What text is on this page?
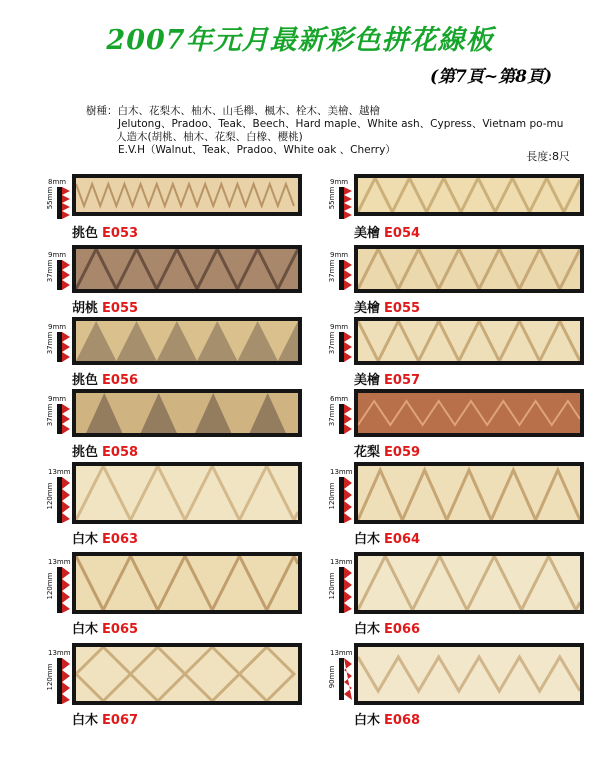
2007年元月最新彩色拼花線板
(第7頁~第8頁)
樹種：白木、花梨木、柚木、山毛櫸、楓木、栓木、美檜、越檜
Jelutong、Pradoo、Teak、Beech、Hard maple、White ash、Cypress、Vietnam po-mu
人造木(胡桃、柚木、花梨、白橡、櫻桃)
E.V.H（Walnut、Teak、Pradoo、White oak 、Cherry）	長度:8尺
8mm
55mm
挑色 E053
9mm
55mm
美檜 E054
9mm
37mm
胡桃 E055
9mm
37mm
美檜 E055
9mm
37mm
挑色 E056
9mm
37mm
美檜 E057
9mm
37mm
挑色 E058
6mm
37mm
花梨 E059
13mm
120mm
白木 E063
13mm
120mm
白木 E064
13mm
120mm
白木 E065
13mm
120mm
白木 E066
13mm
120mm
白木 E067
13mm
90mm
白木 E068
